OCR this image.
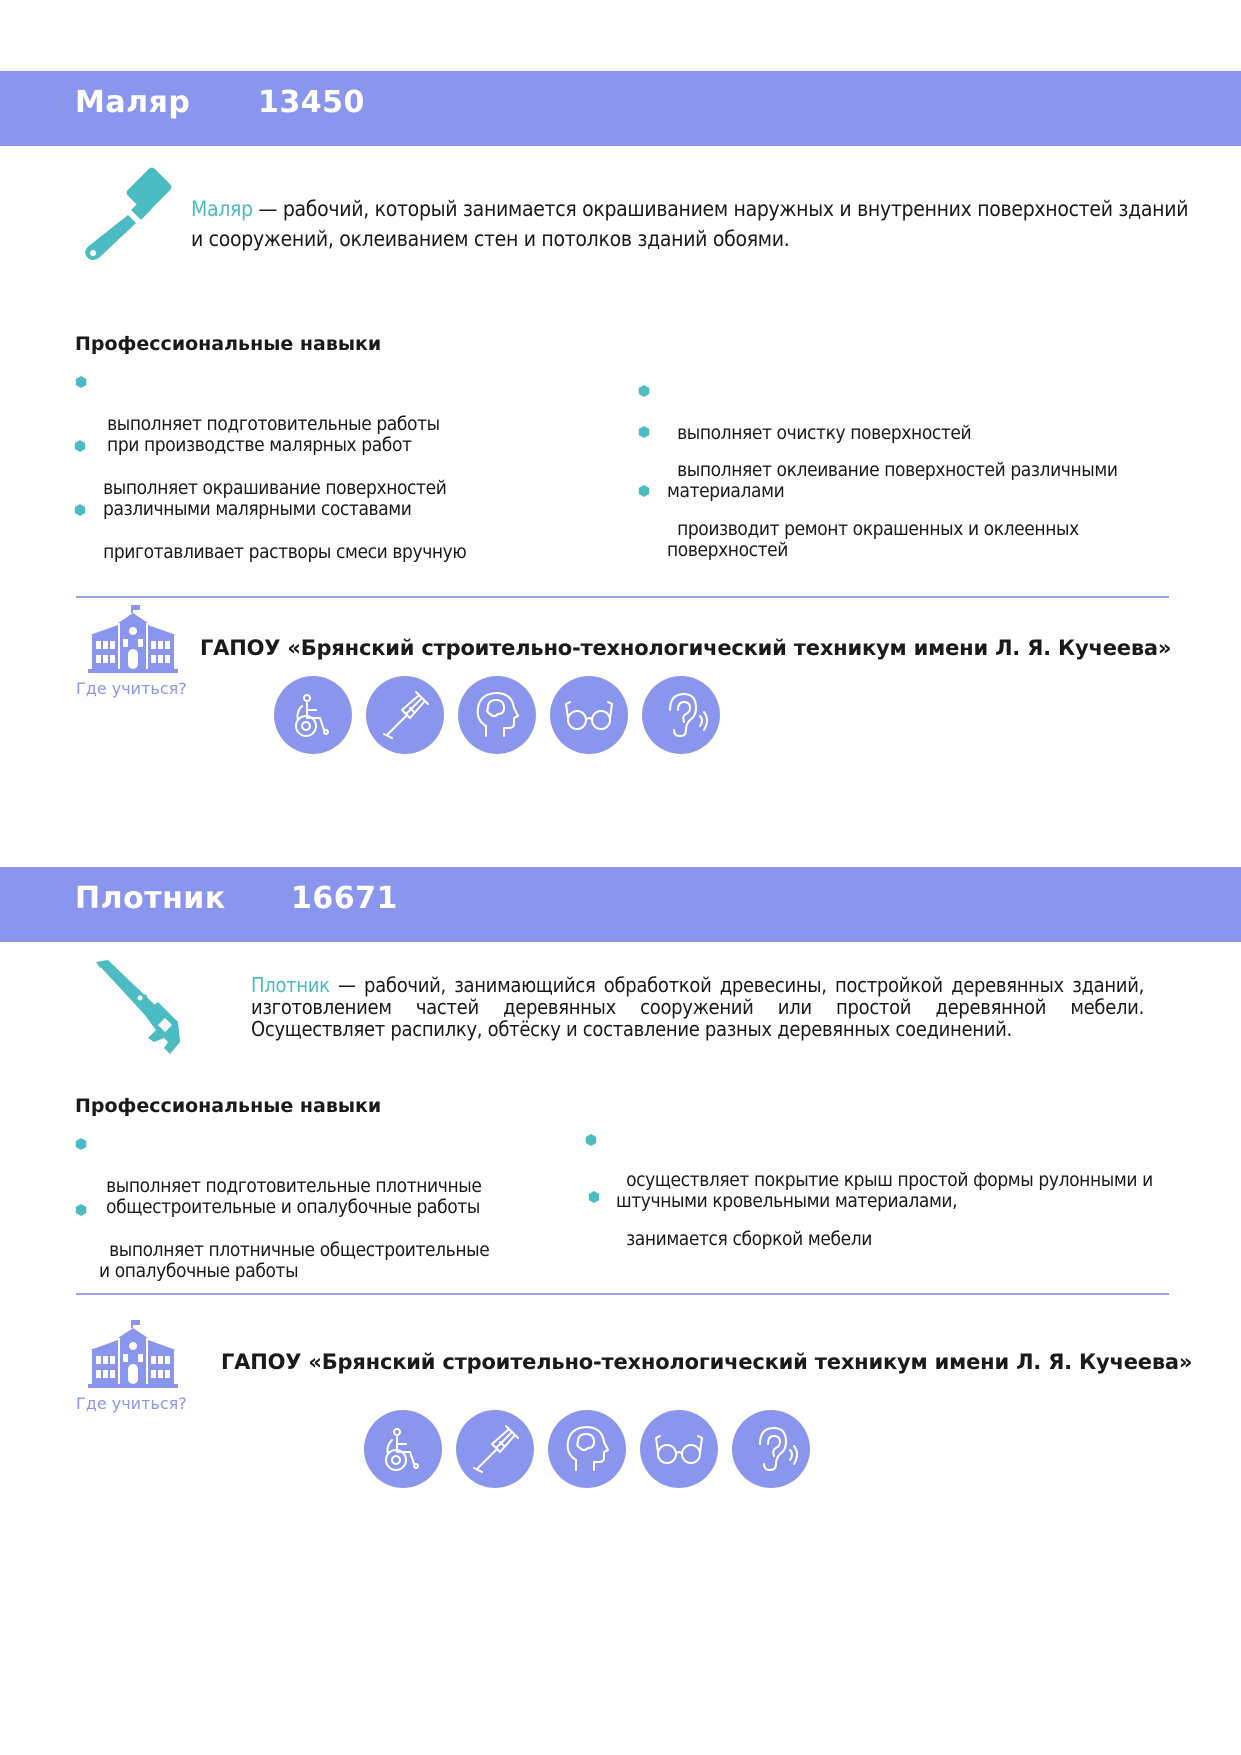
Маляр 13450
Маляр — рабочий, который занимается окрашиванием наружных и внутренних поверхностей зданий и сооружений, оклеиванием стен и потолков зданий обоями.
Профессиональные навыки

выполняет подготовительные работы
при производстве малярных работ

выполняет окрашивание поверхностей
различными малярными составами

приготавливает растворы смеси вручную

выполняет очистку поверхностей

выполняет оклеивание поверхностей различными
материалами

производит ремонт окрашенных и оклеенных
поверхностей

Где учиться?
ГАПОУ «Брянский строительно-технологический техникум имени Л. Я. Кучеева»
Плотник 16671
Плотник — рабочий, занимающийся обработкой древесины, постройкой деревянных зданий, изготовлением частей деревянных сооружений или простой деревянной мебели. Осуществляет распилку, обтёску и составление разных деревянных соединений.
Профессиональные навыки

выполняет подготовительные плотничные
общестроительные и опалубочные работы

выполняет плотничные общестроительные
и опалубочные работы

осуществляет покрытие крыш простой формы рулонными и
штучными кровельными материалами,

занимается сборкой мебели

Где учиться?
ГАПОУ «Брянский строительно-технологический техникум имени Л. Я. Кучеева»
